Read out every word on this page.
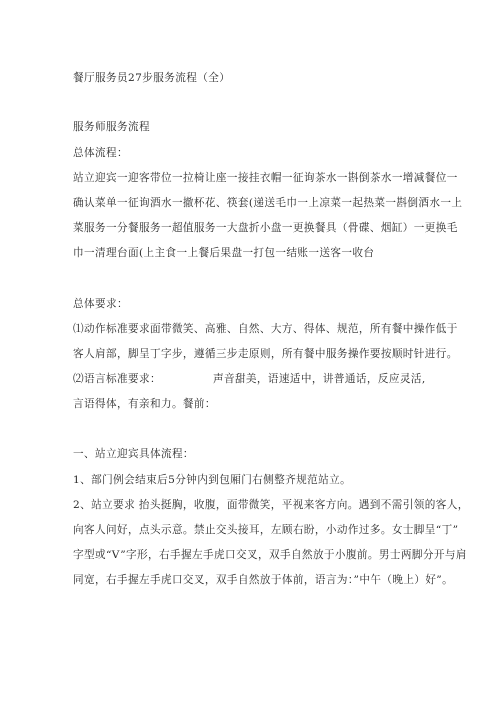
餐厅服务员27步服务流程（全）
服务师服务流程
总体流程：
站立迎宾一迎客带位一拉椅让座一接挂衣帽一征询茶水一斟倒茶水一增减餐位一
确认菜单一征询酒水一撤杯花、筷套(递送毛巾一上凉菜一起热菜一斟倒酒水一上
菜服务一分餐服务一超值服务一大盘折小盘一更换餐具（骨碟、烟缸）一更换毛
巾一清理台面(上主食一上餐后果盘一打包一结账一送客一收台
总体要求：
⑴动作标准要求面带微笑、高雅、自然、大方、得体、规范，所有餐中操作低于
客人肩部，脚呈丁字步，遵循三步走原则，所有餐中服务操作要按顺时针进行。
⑵语言标准要求：	声音甜美，语速适中，讲普通话，反应灵活,
言语得体，有亲和力。餐前：
一、站立迎宾具体流程：
1、部门例会结束后5分钟内到包厢门右侧整齐规范站立。
2、站立要求 抬头挺胸，收腹，面带微笑，平视来客方向。遇到不需引领的客人，
向客人问好，点头示意。禁止交头接耳，左顾右盼，小动作过多。女士脚呈“丁”
字型或“V”字形，右手握左手虎口交叉，双手自然放于小腹前。男士两脚分开与肩
同宽，右手握左手虎口交叉，双手自然放于体前，语言为：”中午（晚上）好”。
